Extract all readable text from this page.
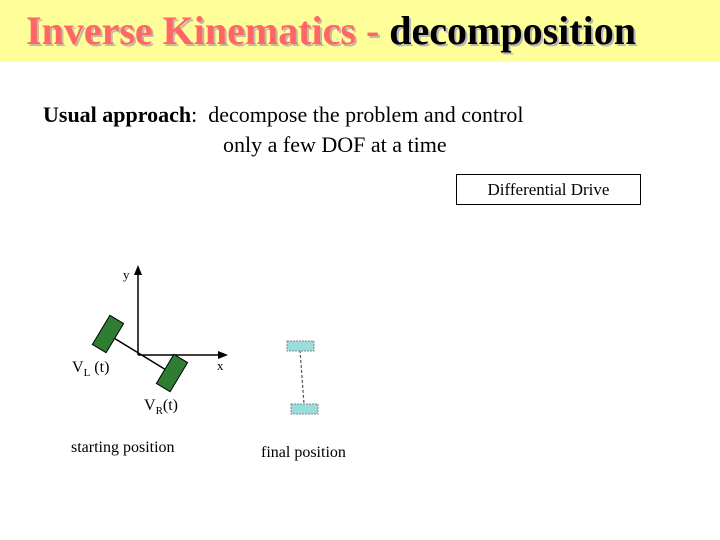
Inverse Kinematics - decomposition
Usual approach:  decompose the problem and control
only a few DOF at a time
Differential Drive
y
x
$V_L$ (t)
$V_R(t)$
starting position	final position
